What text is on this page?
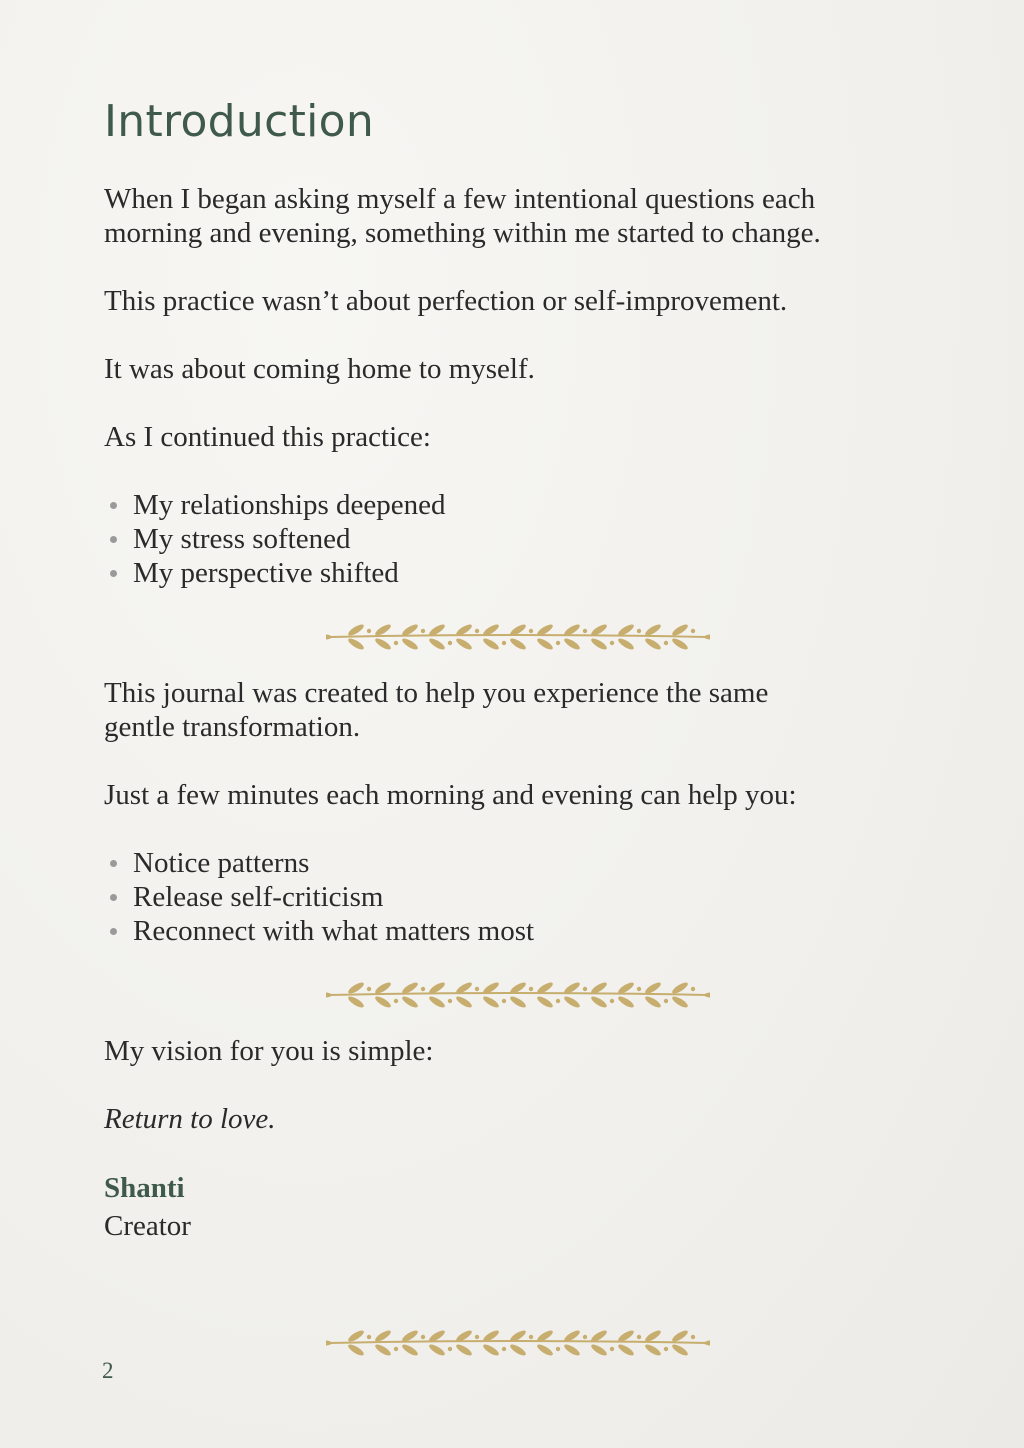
Introduction

When I began asking myself a few intentional questions each
morning and evening, something within me started to change.

This practice wasn’t about perfection or self-improvement.

It was about coming home to myself.

As I continued this practice:

My relationships deepened
My stress softened
My perspective shifted

This journal was created to help you experience the same
gentle transformation.

Just a few minutes each morning and evening can help you:

Notice patterns
Release self-criticism
Reconnect with what matters most

My vision for you is simple:

Return to love.

Shanti

Creator

2
